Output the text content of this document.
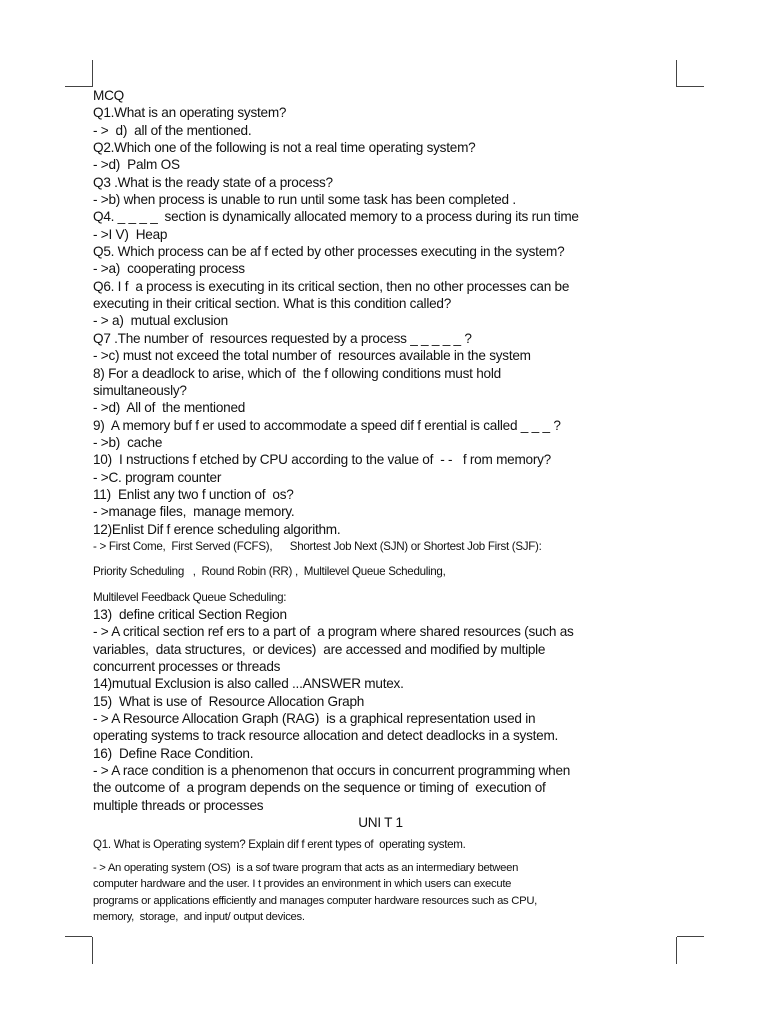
MCQ
Q1.What is an operating system?
- >  d)  all of the mentioned.
Q2.Which one of the following is not a real time operating system?
- >d)  Palm OS
Q3 .What is the ready state of a process?
- >b) when process is unable to run until some task has been completed .
Q4. _ _ _ _  section is dynamically allocated memory to a process during its run time
- >I V)  Heap
Q5. Which process can be af f ected by other processes executing in the system?
- >a)  cooperating process
Q6. I f  a process is executing in its critical section, then no other processes can be
executing in their critical section. What is this condition called?
- > a)  mutual exclusion
Q7 .The number of  resources requested by a process _ _ _ _ _ ?
- >c) must not exceed the total number of  resources available in the system
8) For a deadlock to arise, which of  the f ollowing conditions must hold
simultaneously?
- >d)  All of  the mentioned
9)  A memory buf f er used to accommodate a speed dif f erential is called _ _ _ ?
- >b)  cache
10)  I nstructions f etched by CPU according to the value of  - -   f rom memory?
- >C. program counter
11)  Enlist any two f unction of  os?
- >manage files,  manage memory.
12)Enlist Dif f erence scheduling algorithm.
- > First Come,  First Served (FCFS),      Shortest Job Next (SJN) or Shortest Job First (SJF):
Priority Scheduling   ,  Round Robin (RR) ,  Multilevel Queue Scheduling,
Multilevel Feedback Queue Scheduling:
13)  define critical Section Region
- > A critical section ref ers to a part of  a program where shared resources (such as
variables,  data structures,  or devices)  are accessed and modified by multiple
concurrent processes or threads
14)mutual Exclusion is also called ...ANSWER mutex.
15)  What is use of  Resource Allocation Graph
- > A Resource Allocation Graph (RAG)  is a graphical representation used in
operating systems to track resource allocation and detect deadlocks in a system.
16)  Define Race Condition.
- > A race condition is a phenomenon that occurs in concurrent programming when
the outcome of  a program depends on the sequence or timing of  execution of
multiple threads or processes
UNI T 1
Q1. What is Operating system? Explain dif f erent types of  operating system.
- > An operating system (OS)  is a sof tware program that acts as an intermediary between
computer hardware and the user. I t provides an environment in which users can execute
programs or applications efficiently and manages computer hardware resources such as CPU,
memory,  storage,  and input/ output devices.
